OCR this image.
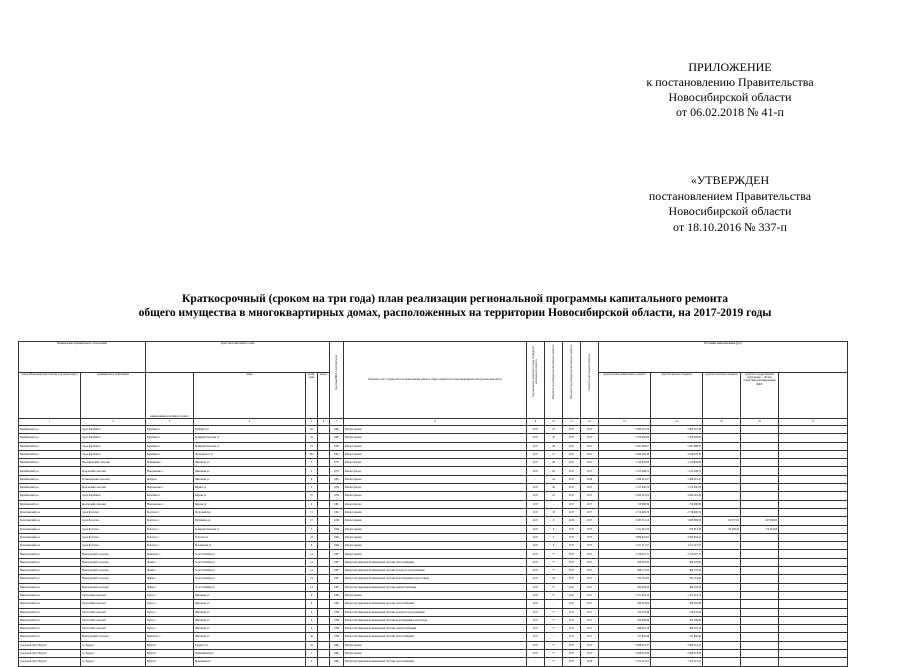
ПРИЛОЖЕНИЕ
к постановлению Правительства
Новосибирской области
от 06.02.2018 № 41-п
«УТВЕРЖДЕН
постановлением Правительства
Новосибирской области
от 18.10.2016 № 337-п
Краткосрочный (сроком на три года) план реализации региональной программы капитального ремонта
общего имущества в многоквартирных домах, расположенных на территории Новосибирской области, на 2017-2019 годы
Наименование муниципального образования		Адрес многоквартирного дома				Год ввода МКД в эксплуатацию	Перечень услуг и (или) работ по капитальному ремонту общего имущества в многоквартирном доме (указать вид работ)	Год окончания предельного срока проведения капитального ремонта	Плановый год проведения капитального ремонта	Плановый год проведения капитального ремонта	Стоимость капитального ремонта	Источники финансирования (руб.)				
район (Новосибирской области) (городской округ)	муниципальное образование	наименование населённого пункта	улица	номер дома	корпус							средства фонда капитального ремонта	средства местного бюджета	средства областного бюджета	средства государственной корпорации — Фонда содействия реформированию ЖКХ	
1	2	3	4	5	6	7	8	9	10	11	12	13	14	15	16	17
Барабинский р-н	город Барабинск	Барабинск г	К.Маркса ул	11а		1961	Ремонт крыши	2017	47	2017	2017	5 863 207,56	5 863 207,56			
Барабинский р-н	город Барабинск	Барабинск г	Коммунистическая ул	16		1965	Ремонт крыши	2017	45	2017	2017	5 700 400,00	5 700 400,00			
Барабинский р-н	город Барабинск	Барабинск г	Коммунистическая ул	16		1965	Ремонт крыши	2017	46	2017	2017	5 837 968,87	5 837 968,87			
Барабинский р-н	город Барабинск	Барабинск г	Луначарского ул	26а		1961	Ремонт крыши	2017	27	2017	2017	3 946 295,39	3 946 295,39			
Барабинский р-н	Новоярковский сельсовет	Новоярково с	Школьная ул	3		1971	Ремонт фасада	2017	48	2017	2017	1 135 845,86	1 135 845,86			
Барабинский р-н	Козловский сельсовет	Новочановка с	Школьная ул	5		1971	Ремонт фасада	2017	20	2017	2017	1 215 448,52	1 215 448,52			
Барабинский р-н	Устьянцевский сельсовет	Кожурла	Школьная ул	6		1981	Ремонт крыши	-	44	2017	2018	1 280 421,47	1 280 421,47			
Барабинский р-н	Козловский сельсовет	Новочановка с	Юрина ул	2		1979	Ремонт фасада	2017	49	2017	2017	1 515 930,76	1 515 930,76			
Барабинский р-н	город Барабинск	Барабинск г	Кирова ул	70		1979	Ремонт крыши	2017	47	2017	2017	3 842 591,29	3 842 591,29			
Барабинский р-н	Козловский сельсовет	Новочановка с	Кирова ул	6		1961	Ремонт фасада	2017	-	2017	2017	718 688,59	718 688,59			
Болотнинский р-н	город Болотное	Болотное г	Почтовый пер	11		1981	Ремонт крыши	2017	33	2017	2017	2 716 406,79	2 716 406,79			
Болотнинский р-н	город Болотное	Болотное г	Бабушкина ул	17		1959	Ремонт крыши	2017	6	2019	2017	2 985 511,14	1 063 868,52	152 557,01	167 058,00	
Болотнинский р-н	город Болотное	Болотное г	Коммунистическая ул	3		1979	Ремонт крыши	2017	6	2017	2017	1 211 561,26	875 813,36	94 268,34	170 564,98	
Болотнинский р-н	город Болотное	Болотное г	Кутузова ул	24		1962	Ремонт крыши	2017	5	2017	2017	3 884 645,64	3 593 859,41			
Болотнинский р-н	город Болотное	Болотное г	Московская ул	6		1959	Ремонт крыши	2017	6	2017	2017	1 511 517,07	1 511 517,07			
Венгеровский р-н	Венгеровский сельсовет	Венгерово с	50 лет Октября ул	14		1967	Ремонт крыши	2017	77	2017	2017	2 319 627,11	2 319 627,11			
Венгеровский р-н	Венгеровский сельсовет	Чаины с	50 лет Октября ул	14		1967	Ремонт внутридомовой инженерной системы теплоснабжения	2017	77	2017	2017	506 305,00	606 305,00			
Венгеровский р-н	Венгеровский сельсовет	Чаины с	50 лет Октября ул	14		1967	Ремонт внутридомовой инженерной системы холодного водоснабжения	2017	77	2017	2017	466 172,00	466 172,00			
Венгеровский р-н	Венгеровский сельсовет	Чаины с	50 лет Октября ул	14		1967	Ремонт внутридомовой инженерной системы водоотведения и водосточных	2017	56	2017	2017	782 781,00	782 781,00			
Венгеровский р-н	Венгеровский сельсовет	Чаины с	50 лет Октября ул	14		1967	Ремонт внутридомовой инженерной системы электроснабжения	2017	77	2017	2017	464 458,56	464 458,56			
Венгеровский р-н	Тартасский сельсовет	Тартас с	Школьная ул	6		1962	Ремонт крыши	2017	77	2017	2017	1 371 655,76	1 371 655,76			
Венгеровский р-н	Тартасский сельсовет	Тартас с	Школьная ул	6		1962	Ремонт внутридомовой инженерной системы теплоснабжения	2017	-	2017	2017	560 523,09	568 582,96			
Венгеровский р-н	Тартасский сельсовет	Тартас с	Школьная ул	6		1962	Ремонт внутридомовой инженерной системы холодного водоснабжения	2017	77	2017	2017	314 378,46	314 378,46			
Венгеровский р-н	Тартасский сельсовет	Тартас с	Школьная ул	6		1962	Ремонт внутридомовой инженерной системы водоотведения и водостоков	2017	77	2017	2017	205 609,90	205 609,90			
Венгеровский р-н	Тартасский сельсовет	Тартас с	Школьная ул	6		1962	Ремонт внутридомовой инженерной системы электроснабжения	2017	77	2017	2017	489 025,18	489 025,18			
Венгеровский р-н	Венгеровский сельсовет	Венгерово с	Школьная ул	42		1962	Ремонт внутридомовой инженерной системы теплоснабжения	2017	-	2017	2017	157 650,96	157 650,96			
городской округ Бердск	г.о. Бердск	Бердск г	Горького ул	10		1961	Ремонт крыши	2017	77	2017	2017	3 068 441,27	3 068 441,27			
городской округ Бердск	г.о. Бердск	Бердск г	Первомайская ул	1		1961	Ремонт крыши	2017	77	2017	2017	2 656 523,98	2 656 523,98			
городской округ Бердск	г.о. Бердск	Бердск г	Максимова ул	9		1961	Ремонт внутридомовой инженерной системы теплоснабжения	-	77	2017	2018	1 552 215,61	1 552 215,61			
